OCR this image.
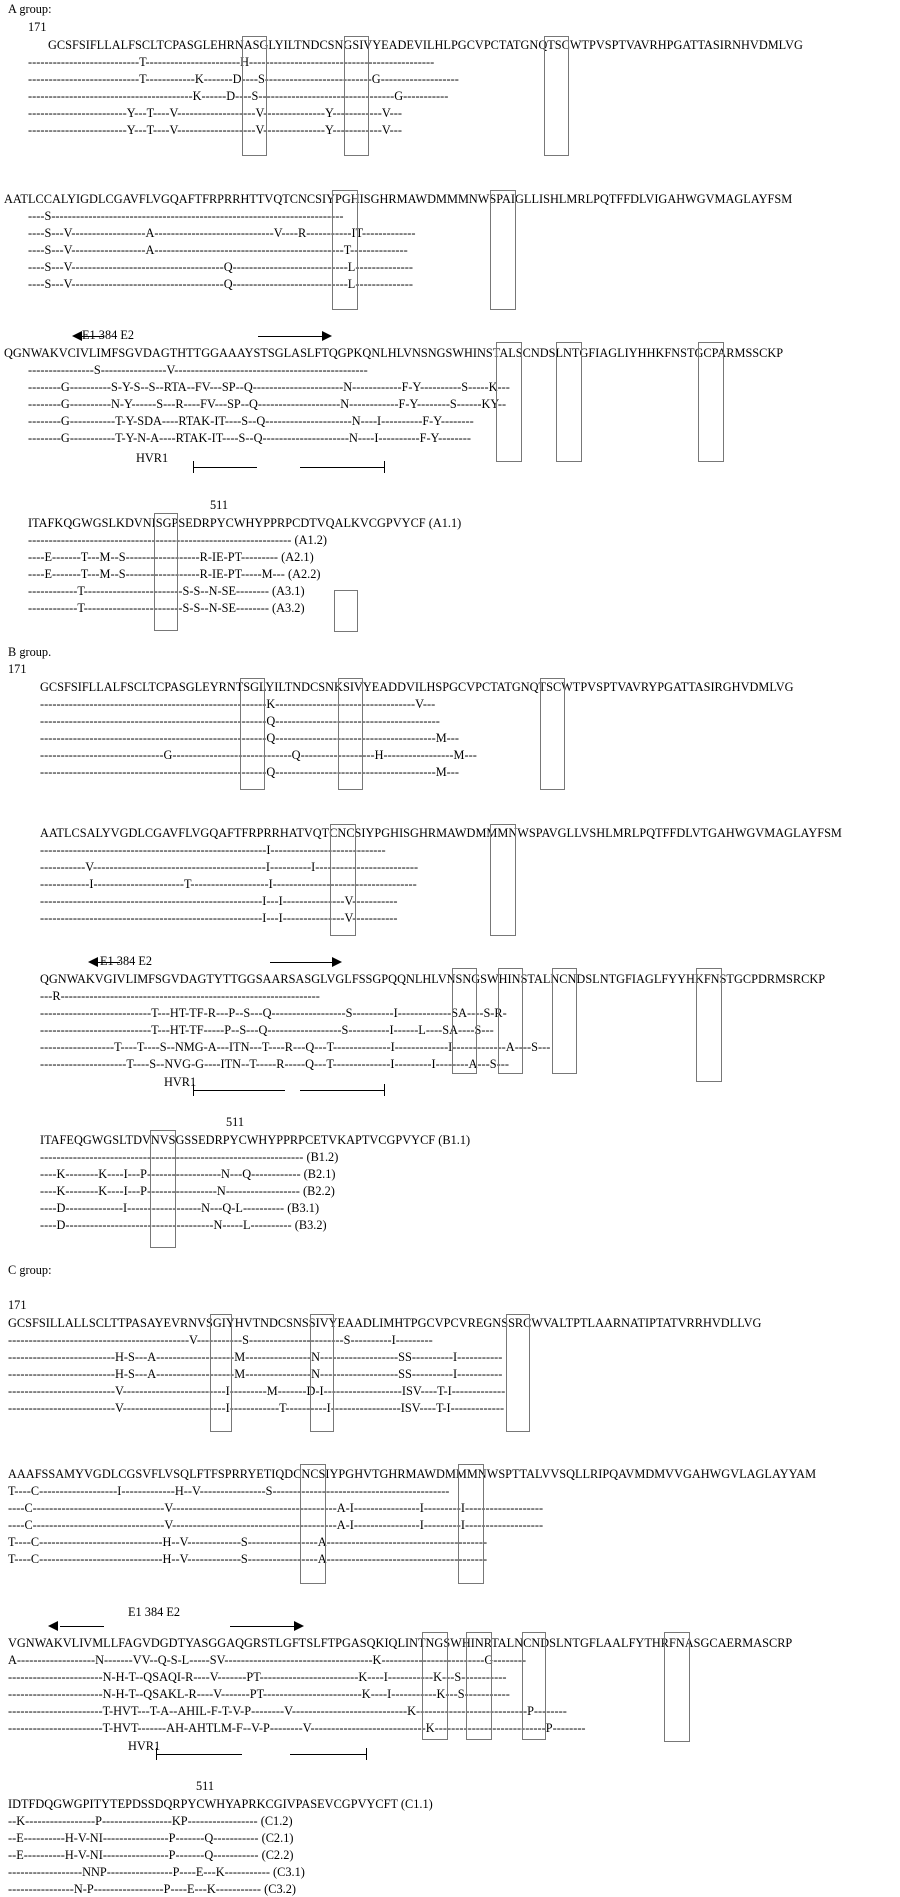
A group:
171
GCSFSIFLLALFSCLTCPASGLEHRNASGLYILTNDCSNGSIVYEADEVILHLPGCVPCTATGNQTSCWTPVSPTVAVRHPGATTASIRNHVDMLVG
---------------------------T-----------------------H---------------------------------------------
---------------------------T------------K-------D----S--------------------------G-------------------
----------------------------------------K------D----S---------------------------------G-----------
------------------------Y---T----V-------------------V---------------Y------------V---
------------------------Y---T----V-------------------V---------------Y------------V---
AATLCCALYIGDLCGAVFLVGQAFTFRPRRHTTVQTCNCSIYPGHISGHRMAWDMMMNWSPAIGLLISHLMRLPQTFFDLVIGAHWGVMAGLAYFSM
----S-----------------------------------------------------------------------
----S---V------------------A-----------------------------V----R-----------IT-------------
----S---V------------------A----------------------------------------------T--------------
----S---V-------------------------------------Q----------------------------L--------------
----S---V-------------------------------------Q----------------------------L--------------
E1 384 E2
QGNWAKVCIVLIMFSGVDAGTHTTGGAAAYSTSGLASLFTQGPKQNLHLVNSNGSWHINSTALSCNDSLNTGFIAGLIYHHKFNSTGCPARMSSCKP
----------------S----------------V-----------------------------------------------
--------G----------S-Y-S--S--RTA--FV---SP--Q----------------------N------------F-Y----------S-----K---
--------G----------N-Y------S---R----FV---SP--Q--------------------N------------F-Y--------S------KY--
--------G-----------T-Y-SDA----RTAK-IT----S--Q---------------------N----I----------F-Y--------
--------G-----------T-Y-N-A----RTAK-IT----S--Q---------------------N----I----------F-Y--------
HVR1
511
ITAFKQGWGSLKDVNISGPSEDRPYCWHYPPRPCDTVQALKVCGPVYCF (A1.1)
---------------------------------------------------------------- (A1.2)
----E-------T---M--S------------------R-IE-PT--------- (A2.1)
----E-------T---M--S------------------R-IE-PT-----M--- (A2.2)
------------T------------------------S-S--N-SE-------- (A3.1)
------------T------------------------S-S--N-SE-------- (A3.2)
B group.
171
GCSFSIFLLALFSCLTCPASGLEYRNTSGLYILTNDCSNKSIVYEADDVILHSPGCVPCTATGNQTSCWTPVSPTVAVRYPGATTASIRGHVDMLVG
-------------------------------------------------------K----------------------------------V---
-------------------------------------------------------Q----------------------------------------
-------------------------------------------------------Q---------------------------------------M---
------------------------------G-----------------------------Q------------------H-----------------M---
-------------------------------------------------------Q---------------------------------------M---
AATLCSALYVGDLCGAVFLVGQAFTFRPRRHATVQTCNCSIYPGHISGHRMAWDMMMNWSPAVGLLVSHLMRLPQTFFDLVTGAHWGVMAGLAYFSM
-------------------------------------------------------I----------------------------
-----------V------------------------------------------I----------I-------------------------
------------I----------------------T-------------------I-----------------------------------
------------------------------------------------------I---I---------------V-----------
------------------------------------------------------I---I---------------V-----------
E1 384 E2
QGNWAKVGIVLIMFSGVDAGTYTTGGSAARSASGLVGLFSSGPQQNLHLVNSNGSWHINSTALNCNDSLNTGFIAGLFYYHKFNSTGCPDRMSRCKP
---R---------------------------------------------------------------
---------------------------T---HT-TF-R---P--S---Q------------------S----------I-------------SA----S-R-
---------------------------T---HT-TF-----P--S---Q------------------S----------I------L----SA----S---
------------------T----T----S--NMG-A---ITN---T----R---Q---T--------------I-------------I-------------A----S---
---------------------T----S--NVG-G----ITN--T-----R-----Q---T--------------I---------I--------A---S---
HVR1
511
ITAFEQGWGSLTDVNVSGSSEDRPYCWHYPPRPCETVKAPTVCGPVYCF (B1.1)
---------------------------------------------------------------- (B1.2)
----K--------K----I---P------------------N---Q------------ (B2.1)
----K--------K----I---P-----------------N------------------ (B2.2)
----D--------------I------------------N---Q-L---------- (B3.1)
----D------------------------------------N-----L---------- (B3.2)
C group:
171
GCSFSILLALLSCLTTPASAYEVRNVSGIYHVTNDCSNSSIVYEAADLIMHTPGCVPCVREGNSSRCWVALTPTLAARNATIPTATVRRHVDLLVG
--------------------------------------------V-----------S-----------------------S----------I---------
--------------------------H-S---A-------------------M----------------N-------------------SS----------I-----------
--------------------------H-S---A-------------------M----------------N-------------------SS----------I-----------
--------------------------V-------------------------I---------M-------D-I-------------------ISV----T-I-------------
--------------------------V-------------------------I------------T----------I-----------------ISV----T-I-------------
AAAFSSAMYVGDLCGSVFLVSQLFTFSPRRYETIQDCNCSIYPGHVTGHRMAWDMMMNWSPTTALVVSQLLRIPQAVMDMVVGAHWGVLAGLAYYAM
T----C-------------------I-------------H--V----------------S-------------------------------------------
----C--------------------------------V----------------------------------------A-I----------------I---------I-------------------
----C--------------------------------V----------------------------------------A-I----------------I---------I-------------------
T----C------------------------------H--V-------------S-----------------A---------------------------------------
T----C------------------------------H--V-------------S-----------------A---------------------------------------
E1 384 E2
VGNWAKVLIVMLLFAGVDGDTYASGGAQGRSTLGFTSLFTPGASQKIQLINTNGSWHINRTALNCNDSLNTGFLAALFYTHRFNASGCAERMASCRP
A-------------------N-------VV--Q-S-L-----SV------------------------------------K-------------------------G--------
-----------------------N-H-T--QSAQI-R----V-------PT------------------------K----I-----------K---S-----------
-----------------------N-H-T--QSAKL-R----V-------PT------------------------K----I-----------K---S-----------
-----------------------T-HVT---T-A--AHIL-F-T-V-P--------V----------------------------K---------------------------P--------
-----------------------T-HVT-------AH-AHTLM-F--V-P--------V----------------------------K---------------------------P--------
HVR1
511
IDTFDQGWGPITYTEPDSSDQRPYCWHYAPRKCGIVPASEVCGPVYCFT (C1.1)
--K-----------------P-----------------KP----------------- (C1.2)
--E----------H-V-NI----------------P-------Q----------- (C2.1)
--E----------H-V-NI----------------P-------Q----------- (C2.2)
------------------NNP----------------P----E---K----------- (C3.1)
----------------N-P-----------------P----E---K----------- (C3.2)
